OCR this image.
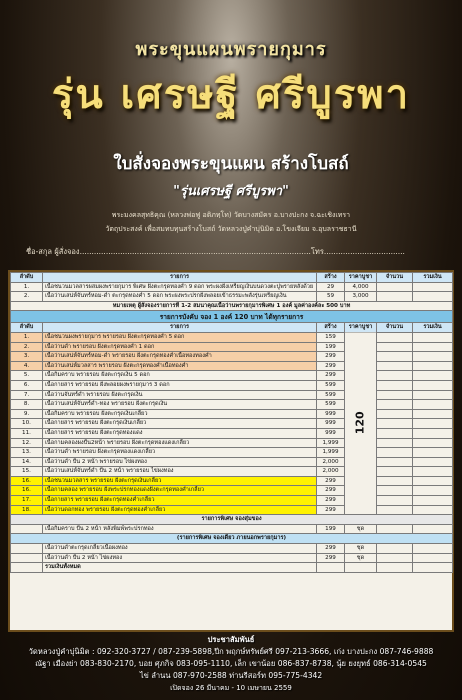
พระขุนแผนพรายกุมาร
รุ่น เศรษฐี ศรีบูรพา
ใบสั่งจองพระขุนแผน สร้างโบสถ์
"รุ่นเศรษฐี ศรีบูรพา"
พระมงคลสุทธิคุณ (หลวงพ่อฟู อติภทฺโท) วัดบางสมัคร อ.บางปะกง จ.ฉะเชิงเทรา
วัตถุประสงค์ เพื่อสมทบทุนสร้างโบสถ์ วัดหลวงปู่คำบุ่นิมิต อ.โขงเจียม จ.อุบลราชธานี
ชื่อ-สกุล ผู้สั่งจอง.................................................................................................โทร..................................
ลำดับ	รายการ	สร้าง	ราคาบูชา	จำนวน	รวมเงิน
1.	เนื้อชนวนมวลสารผสมผงพรายกุมาร พิเศษ ฝังตะกรุดทองคำ 9 ดอก พระผงฝังเหรียญเงินบนดวงตะปูพรายหลังด้วย	29	4,000		
2.	เนื้อว่านเสน่ห์จันทร์หอม-ดำ ตะกรุดทองคำ 5 ดอก พระผงพระปรกฝังพลอยเข้าธรรมะพลังรุ่นเหรียญเงิน	59	3,000		
หมายเหตุ ผู้สั่งจองรายการที่ 1-2 สมนาคุณเนื้อว่านพรายกุมารพิเศษ 1 องค์ มูลค่าองค์ละ 500 บาท					
รายการบังคับ จอง 1 องค์ 120 บาท ได้ทุกรายการ					
ลำดับ	รายการ	สร้าง	ราคาบูชา	จำนวน	รวมเงิน
1.	เนื้อชนวนผงพรายกุมาร พรายรอบ ฝังตะกรุดทองคำ 5 ดอก	159	120		
2.	เนื้อว่านดำ พรายรอบ ฝังตะกรุดทองคำ 1 ดอก	199			
3.	เนื้อว่านเสน่ห์จันทร์หอม-ดำ พรายรอบ ฝังตะกรุดทองคำเนื้อทองทองคำ	299			
4.	เนื้อว่านเสน่ห์มวลสาร พรายรอบ ฝังตะกรุดทองคำเนื้อทองคำ	299			
5.	เนื้อกิมคราบ พรายรอบ ฝังตะกรุดเงิน 5 ดอก	299			
6.	เนื้อกายสาร พรายรอบ ฝังพลอยผงพรายกุมาร 3 ดอก	599			
7.	เนื้อว่านจันทร์ดำ พรายรอบ ฝังตะกรุดเงิน	599			
8.	เนื้อว่านเสน่ห์จันทร์ดำ-ทอง พรายรอบ ฝังตะกรุดเงิน	599			
9.	เนื้อกิมคราบ พรายรอบ ฝังตะกรุดเงินเกลี้ยว	999			
10.	เนื้อกายสาร พรายรอบ ฝังตะกรุดเงินเกลี้ยว	999			
11.	เนื้อกายสาร พรายรอบ ฝังตะกรุดทองแดง	999			
12.	เนื้อกามคลองผงปั้น2หน้า พรายรอบ ฝังตะกรุดทองแดงเกลี้ยว	1,999			
13.	เนื้อว่านดำ พรายรอบ ฝังตะกรุดทองแดงเกลี้ยว	1,999			
14.	เนื้อว่านดำ ปั้น 2 หน้า พรายรอบ ไข่ผงทอง	2,000			
15.	เนื้อว่านเสน่ห์จันทร์ดำ ปั้น 2 หน้า พรายรอบ ไข่ผงทอง	2,000			
16.	เนื้อชนวนมวลสาร พรายรอบ ฝังตะกรุดเงินเกลี้ยว	299			
16.	เนื้อกามคลอง พรายรอบ ฝังพระปรกทองแดงฝังตะกรุดทองคำเกลี้ยว	299			
17.	เนื้อกายสาร พรายรอบ ฝังตะกรุดทองคำเกลี้ยว	299			
18.	เนื้อว่านดอกทอง พรายรอบ ฝังตะกรุดทองคำเกลี้ยว	299			
รายการพิเศษ จองสุ่มของ					
	เนื้อกิมคราบ ปั้น 2 หน้า หลังพิมพ์พระปรกทอง	199	ชุด		
(รายการพิเศษ จองเดี่ยว ภายนอกพรายกุมาร)					
	เนื้อว่านดำตะกรุดเกลี้ยวเนื้อผงทอง	299	ชุด		
	เนื้อว่านดำ ปั้น 2 หน้า ไข่ผงทอง	299	ชุด		
	รวมเงินทั้งหมด				
ประชาสัมพันธ์
วัดหลวงปู่คำบุ่นิมิต : 092-320-3727 / 087-239-5898,ปีก พฤกษ์ทรัพย์ศรี 097-213-3666, เก่ง บางปะกง 087-746-9888
ณัฐา เมืองย่า 083-830-2170, บอย ศุภกิจ 083-095-1110, เล็ก เขาน้อย 086-837-8738, นุ้ย ยงยุทธ์ 086-314-0545
ไข่ ลำนน 087-970-2588 ท่านรีสอร์ท 095-775-4342
เปิดจอง 26 มีนาคม - 10 เมษายน 2559
